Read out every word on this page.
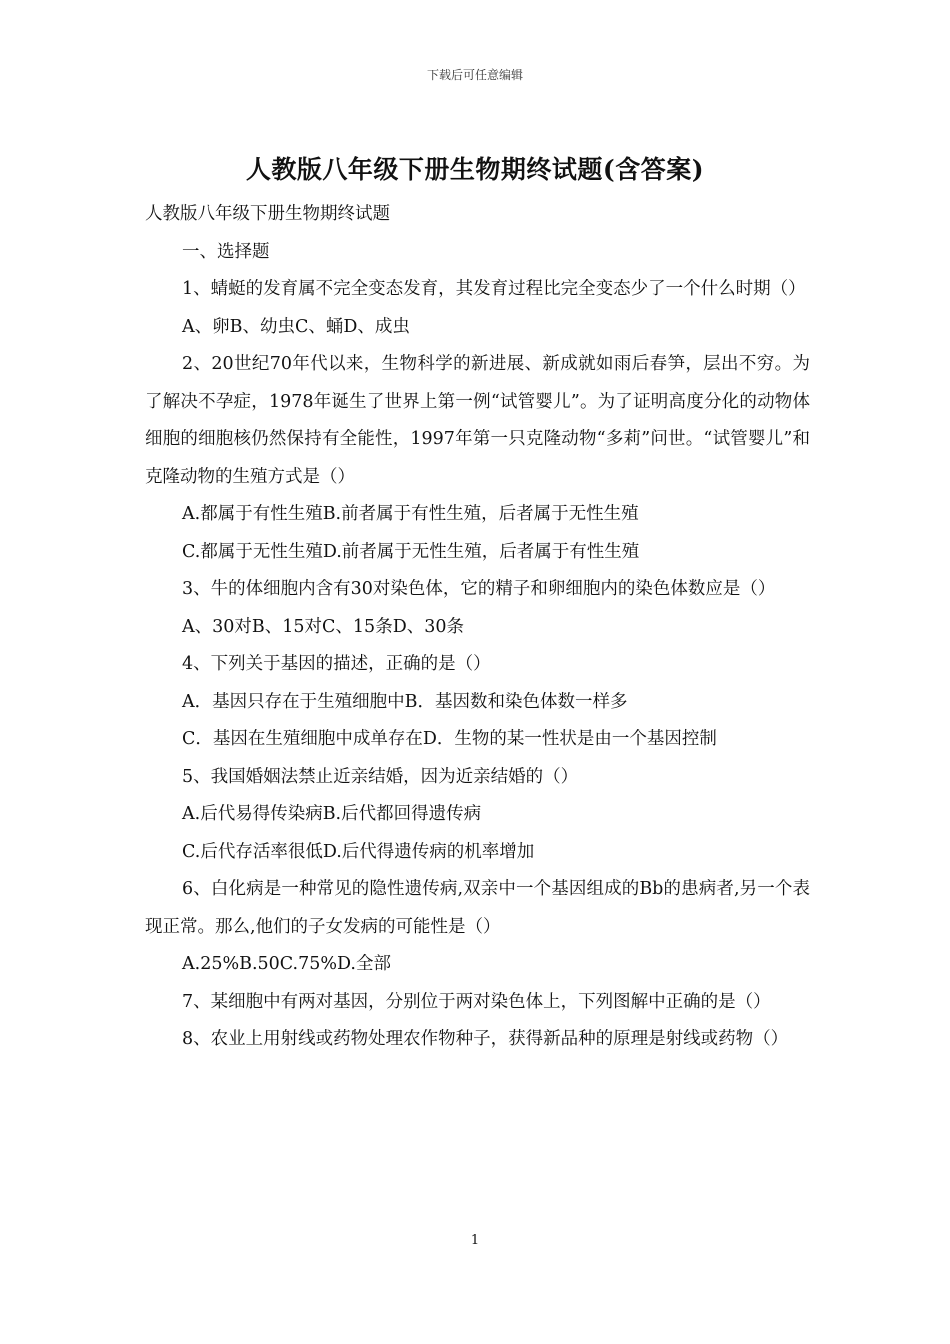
下载后可任意编辑
人教版八年级下册生物期终试题(含答案)

人教版八年级下册生物期终试题

一、选择题

1、蜻蜓的发育属不完全变态发育，其发育过程比完全变态少了一个什么时期（）

A、卵B、幼虫C、蛹D、成虫

2、20世纪70年代以来，生物科学的新进展、新成就如雨后春笋，层出不穷。为了解决不孕症，1978年诞生了世界上第一例“试管婴儿”。为了证明高度分化的动物体细胞的细胞核仍然保持有全能性，1997年第一只克隆动物“多莉”问世。“试管婴儿”和克隆动物的生殖方式是（）

A.都属于有性生殖B.前者属于有性生殖，后者属于无性生殖

C.都属于无性生殖D.前者属于无性生殖，后者属于有性生殖

3、牛的体细胞内含有30对染色体，它的精子和卵细胞内的染色体数应是（）

A、30对B、15对C、15条D、30条

4、下列关于基因的描述，正确的是（）

A．基因只存在于生殖细胞中B．基因数和染色体数一样多

C．基因在生殖细胞中成单存在D．生物的某一性状是由一个基因控制

5、我国婚姻法禁止近亲结婚，因为近亲结婚的（）

A.后代易得传染病B.后代都回得遗传病

C.后代存活率很低D.后代得遗传病的机率增加

6、白化病是一种常见的隐性遗传病,双亲中一个基因组成的Bb的患病者,另一个表现正常。那么,他们的子女发病的可能性是（）

A.25%B.50C.75%D.全部

7、某细胞中有两对基因，分别位于两对染色体上，下列图解中正确的是（）

8、农业上用射线或药物处理农作物种子，获得新品种的原理是射线或药物（）

1
